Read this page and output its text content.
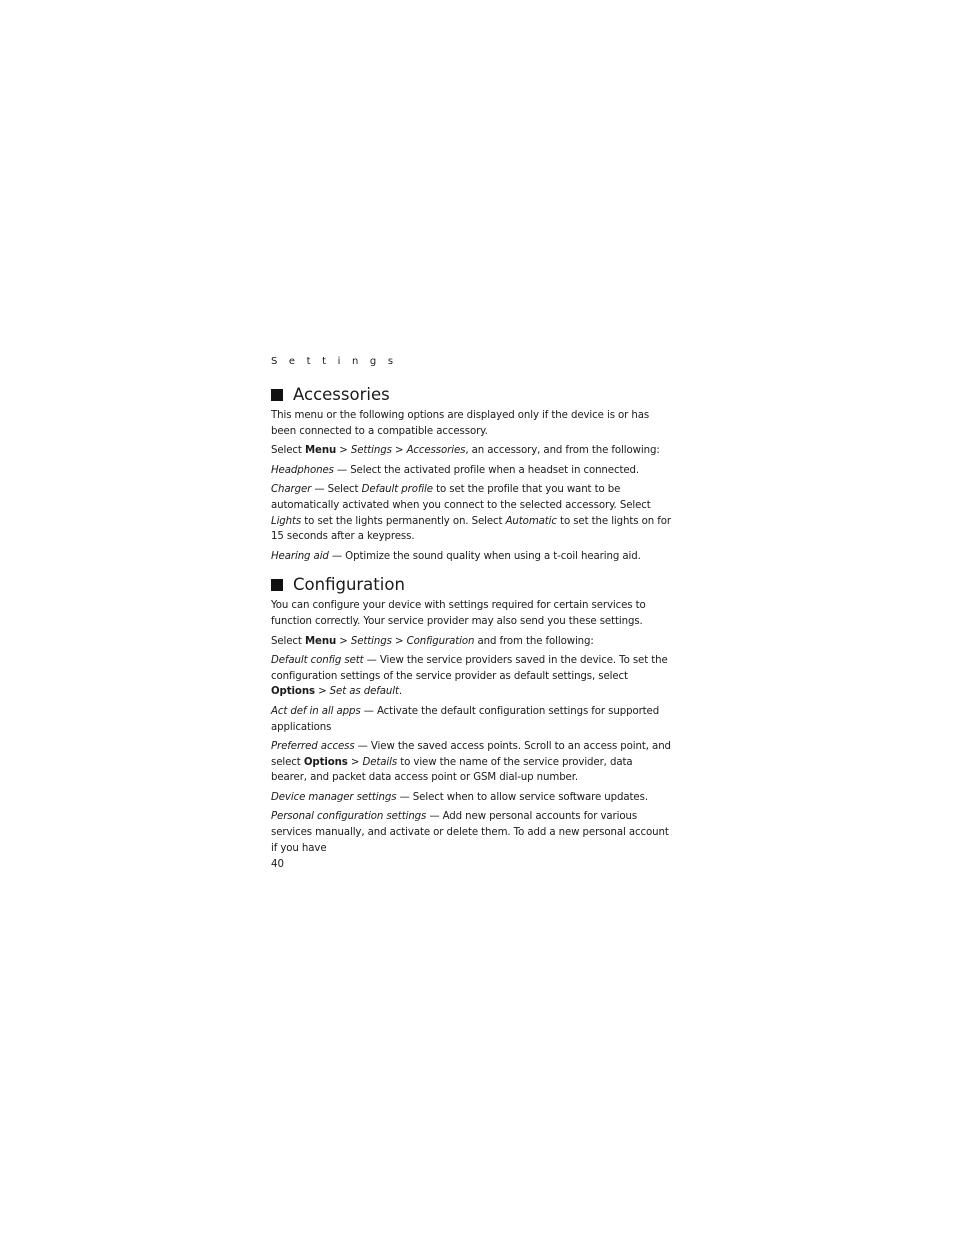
S e t t i n g s
Accessories

This menu or the following options are displayed only if the device is or has been connected to a compatible accessory.

Select Menu > Settings > Accessories, an accessory, and from the following:

Headphones — Select the activated profile when a headset in connected.

Charger — Select Default profile to set the profile that you want to be automatically activated when you connect to the selected accessory. Select Lights to set the lights permanently on. Select Automatic to set the lights on for 15 seconds after a keypress.

Hearing aid — Optimize the sound quality when using a t-coil hearing aid.

Configuration

You can configure your device with settings required for certain services to function correctly. Your service provider may also send you these settings.

Select Menu > Settings > Configuration and from the following:

Default config sett — View the service providers saved in the device. To set the configuration settings of the service provider as default settings, select Options > Set as default.

Act def in all apps — Activate the default configuration settings for supported applications

Preferred access — View the saved access points. Scroll to an access point, and select Options > Details to view the name of the service provider, data bearer, and packet data access point or GSM dial-up number.

Device manager settings — Select when to allow service software updates.

Personal configuration settings — Add new personal accounts for various services manually, and activate or delete them. To add a new personal account if you have

40
